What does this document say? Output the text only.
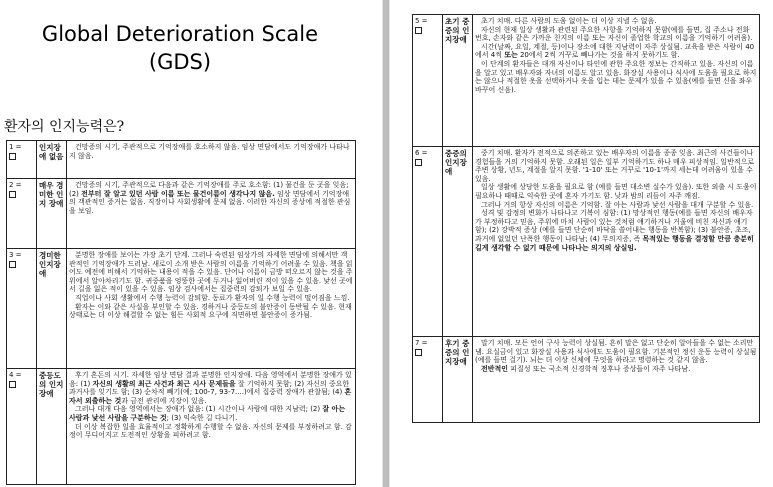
Global Deterioration Scale
(GDS)
환자의 인지능력은?
1 =	인지장애 없음	건망증의 시기, 주관적으로 기억장애를 호소하지 않음. 임상 면담에서도 기억장애가 나타나지 않음.

2 =	매우 경미한 인지 장애	건망증의 시기, 주관적으로 다음과 같은 기억장애를 주로 호소함: (1) 물건을 둔 곳을 잊음; (2) 전부터 잘 알고 있던 사람 이름 또는 물건이름이 생각나지 않음. 임상 면담에서 기억장애의 객관적인 증거는 없음. 직장이나 사회생활에 문제 없음. 이러한 자신의 증상에 적절한 관심을 보임.

3 =	경미한 인지장애	분명한 장애를 보이는 가장 초기 단계. 그러나 숙련된 임상가의 자세한 면담에 의해서만 객관적인 기억장애가 드러남. 새로이 소개 받은 사람의 이름을 기억하기 어려울 수 있음. 책을 읽어도 예전에 비해서 기억하는 내용이 적을 수 있음. 단어나 이름이 금방 떠오르지 않는 것을 주위에서 알아차리기도 함. 귀중품을 엉뚱한 곳에 두거나 잃어버린 적이 있을 수 있음. 낯선 곳에서 길을 잃은 적이 있을 수 있음. 임상 검사에서는 집중력의 감퇴가 보일 수 있음.

직업이나 사회 생활에서 수행 능력이 감퇴함. 동료가 환자의 일 수행 능력이 떨어짐을 느낌.

환자는 이와 같은 사실을 부인할 수 있음. 경하거나 중등도의 불안증이 동반될 수 있음. 현재 상태로는 더 이상 해결할 수 없는 힘든 사회적 요구에 직면하면 불안증이 증가됨.

4 =	중등도의 인지장애	후기 혼돈의 시기. 자세한 임상 면담 결과 분명한 인지장애. 다음 영역에서 분명한 장애가 있음: (1) 자신의 생활의 최근 사건과 최근 시사 문제들을 잘 기억하지 못함; (2) 자신의 중요한 과거사를 잊기도 함; (3) 순차적 빼기(예; 100-7, 93-7....)에서 집중력 장애가 관찰됨; (4) 혼자서 외출하는 것과 금전 관리에 지장이 있음.

그러나 대개 다음 영역에서는 장애가 없음: (1) 시간이나 사람에 대한 지남력; (2) 잘 아는 사람과 낯선 사람을 구분하는 것; (3) 익숙한 길 다니기.

더 이상 복잡한 일을 효율적이고 정확하게 수행할 수 없음. 자신의 문제를 부정하려고 함. 감정이 무디어지고 도전적인 상황을 피하려고 함.

5 =	초기 중증의 인지장애	초기 치매. 다른 사람의 도움 없이는 더 이상 지낼 수 없음.

자신의 현재 일상 생활과 관련된 주요한 사항을 기억하지 못함(예를 들면, 집 주소나 전화 번호, 손자와 같은 가까운 친지의 이름 또는 자신이 졸업한 학교의 이름을 기억하기 어려움).

시간(날짜, 요일, 계절, 등)이나 장소에 대한 지남력이 자주 상실됨. 교육을 받은 사람이 40에서 4씩 또는 20에서 2씩 거꾸로 빼나가는 것을 하지 못하기도 함.

이 단계의 환자들은 대개 자신이나 타인에 관한 주요한 정보는 간직하고 있음. 자신의 이름을 알고 있고 배우자와 자녀의 이름도 알고 있음. 화장실 사용이나 식사에 도움을 필요로 하지는 않으나 적절한 옷을 선택하거나 옷을 입는 데는 문제가 있을 수 있음(예를 들면 신을 좌우 바꾸어 신음).

6 =	중증의 인지장애	중기 치매. 환자가 전적으로 의존하고 있는 배우자의 이름을 종종 잊음. 최근의 사건들이나 경험들을 거의 기억하지 못함. 오래된 일은 일부 기억하기도 하나 매우 피상적임. 일반적으로 주변 상황, 년도, 계절을 알지 못함. '1-10' 또는 거꾸로 '10-1'까지 세는데 어려움이 있을 수 있음.

일상 생활에 상당한 도움을 필요로 함 (예를 들면 대소변 실수가 있음). 또한 외출 시 도움이 필요하나 때때로 익숙한 곳에 혼자 가기도 함. 낮과 밤의 리듬이 자주 깨짐.

그러나 거의 항상 자신의 이름은 기억함. 잘 아는 사람과 낯선 사람을 대개 구분할 수 있음.

성격 및 감정의 변화가 나타나고 기복이 심함: (1) 망상적인 행동(예를 들면 자신의 배우자가 부정하다고 믿음, 주위에 마치 사람이 있는 것처럼 얘기하거나 거울에 비친 자신과 얘기함); (2) 강박적 증상 (예를 들면 단순히 바닥을 쓸어내는 행동을 반복함); (3) 불안증, 초조, 과거에 없었던 난폭한 행동이 나타남; (4) 무의지증, 즉 목적있는 행동을 결정할 만큼 충분히 길게 생각할 수 없기 때문에 나타나는 의지의 상실임.

7 =	후기 중증의 인지장애	말기 치매. 모든 언어 구사 능력이 상실됨. 흔히 말은 없고 단순히 알아들을 수 없는 소리만 냄. 요실금이 있고 화장실 사용과 식사에도 도움이 필요함. 기본적인 정신 운동 능력이 상실됨(예를 들면 걸기). 뇌는 더 이상 신체에 무엇을 하라고 명령하는 것 같지 않음.

전반적인 피질성 또는 국소적 신경학적 징후나 증상들이 자주 나타남.
